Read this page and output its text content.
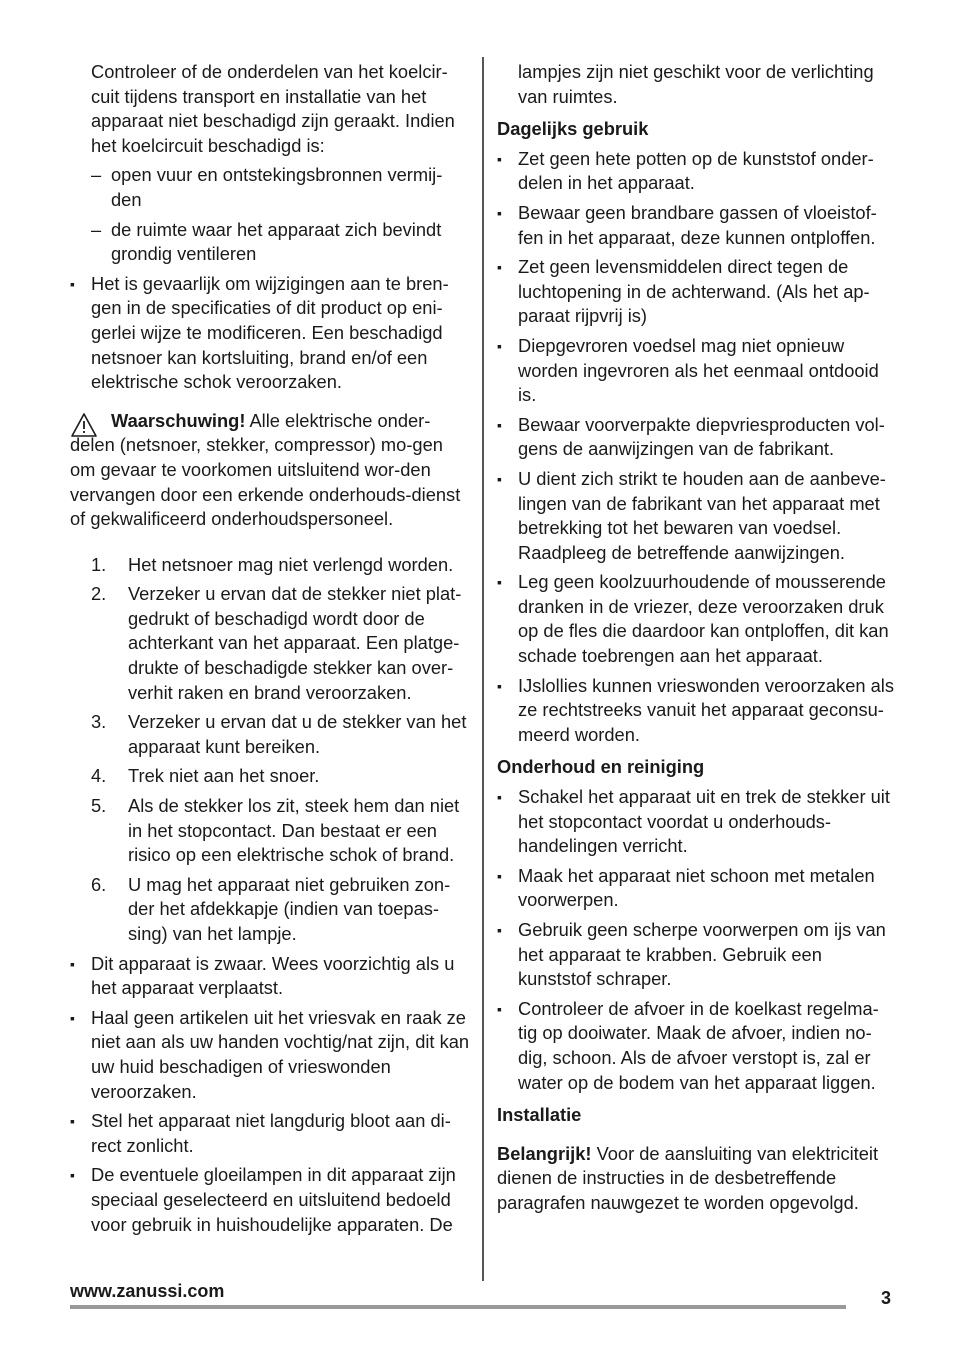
Controleer of de onderdelen van het koelcir-cuit tijdens transport en installatie van het apparaat niet beschadigd zijn geraakt. Indien het koelcircuit beschadigd is:

– open vuur en ontstekingsbronnen vermij-den
– de ruimte waar het apparaat zich bevindt grondig ventileren
▪ Het is gevaarlijk om wijzigingen aan te bren-gen in de specificaties of dit product op eni-gerlei wijze te modificeren. Een beschadigd netsnoer kan kortsluiting, brand en/of een elektrische schok veroorzaken.
Waarschuwing! Alle elektrische onder-delen (netsnoer, stekker, compressor) mo-gen om gevaar te voorkomen uitsluitend wor-den vervangen door een erkende onderhouds-dienst of gekwalificeerd onderhoudspersoneel.
1. Het netsnoer mag niet verlengd worden.
2. Verzeker u ervan dat de stekker niet plat-gedrukt of beschadigd wordt door de achterkant van het apparaat. Een platge-drukte of beschadigde stekker kan over-verhit raken en brand veroorzaken.
3. Verzeker u ervan dat u de stekker van het apparaat kunt bereiken.
4. Trek niet aan het snoer.
5. Als de stekker los zit, steek hem dan niet in het stopcontact. Dan bestaat er een risico op een elektrische schok of brand.
6. U mag het apparaat niet gebruiken zon-der het afdekkapje (indien van toepas-sing) van het lampje.
▪ Dit apparaat is zwaar. Wees voorzichtig als u het apparaat verplaatst.
▪ Haal geen artikelen uit het vriesvak en raak ze niet aan als uw handen vochtig/nat zijn, dit kan uw huid beschadigen of vrieswonden veroorzaken.
▪ Stel het apparaat niet langdurig bloot aan di-rect zonlicht.
▪ De eventuele gloeilampen in dit apparaat zijn speciaal geselecteerd en uitsluitend bedoeld voor gebruik in huishoudelijke apparaten. De

lampjes zijn niet geschikt voor de verlichting van ruimtes.

Dagelijks gebruik
▪ Zet geen hete potten op de kunststof onder-delen in het apparaat.
▪ Bewaar geen brandbare gassen of vloeistof-fen in het apparaat, deze kunnen ontploffen.
▪ Zet geen levensmiddelen direct tegen de luchtopening in de achterwand. (Als het ap-paraat rijpvrij is)
▪ Diepgevroren voedsel mag niet opnieuw worden ingevroren als het eenmaal ontdooid is.
▪ Bewaar voorverpakte diepvriesproducten vol-gens de aanwijzingen van de fabrikant.
▪ U dient zich strikt te houden aan de aanbeve-lingen van de fabrikant van het apparaat met betrekking tot het bewaren van voedsel. Raadpleeg de betreffende aanwijzingen.
▪ Leg geen koolzuurhoudende of mousserende dranken in de vriezer, deze veroorzaken druk op de fles die daardoor kan ontploffen, dit kan schade toebrengen aan het apparaat.
▪ IJslollies kunnen vrieswonden veroorzaken als ze rechtstreeks vanuit het apparaat geconsu-meerd worden.
Onderhoud en reiniging
▪ Schakel het apparaat uit en trek de stekker uit het stopcontact voordat u onderhouds-handelingen verricht.
▪ Maak het apparaat niet schoon met metalen voorwerpen.
▪ Gebruik geen scherpe voorwerpen om ijs van het apparaat te krabben. Gebruik een kunststof schraper.
▪ Controleer de afvoer in de koelkast regelma-tig op dooiwater. Maak de afvoer, indien no-dig, schoon. Als de afvoer verstopt is, zal er water op de bodem van het apparaat liggen.
Installatie

Belangrijk! Voor de aansluiting van elektriciteit dienen de instructies in de desbetreffende paragrafen nauwgezet te worden opgevolgd.

www.zanussi.com	3
